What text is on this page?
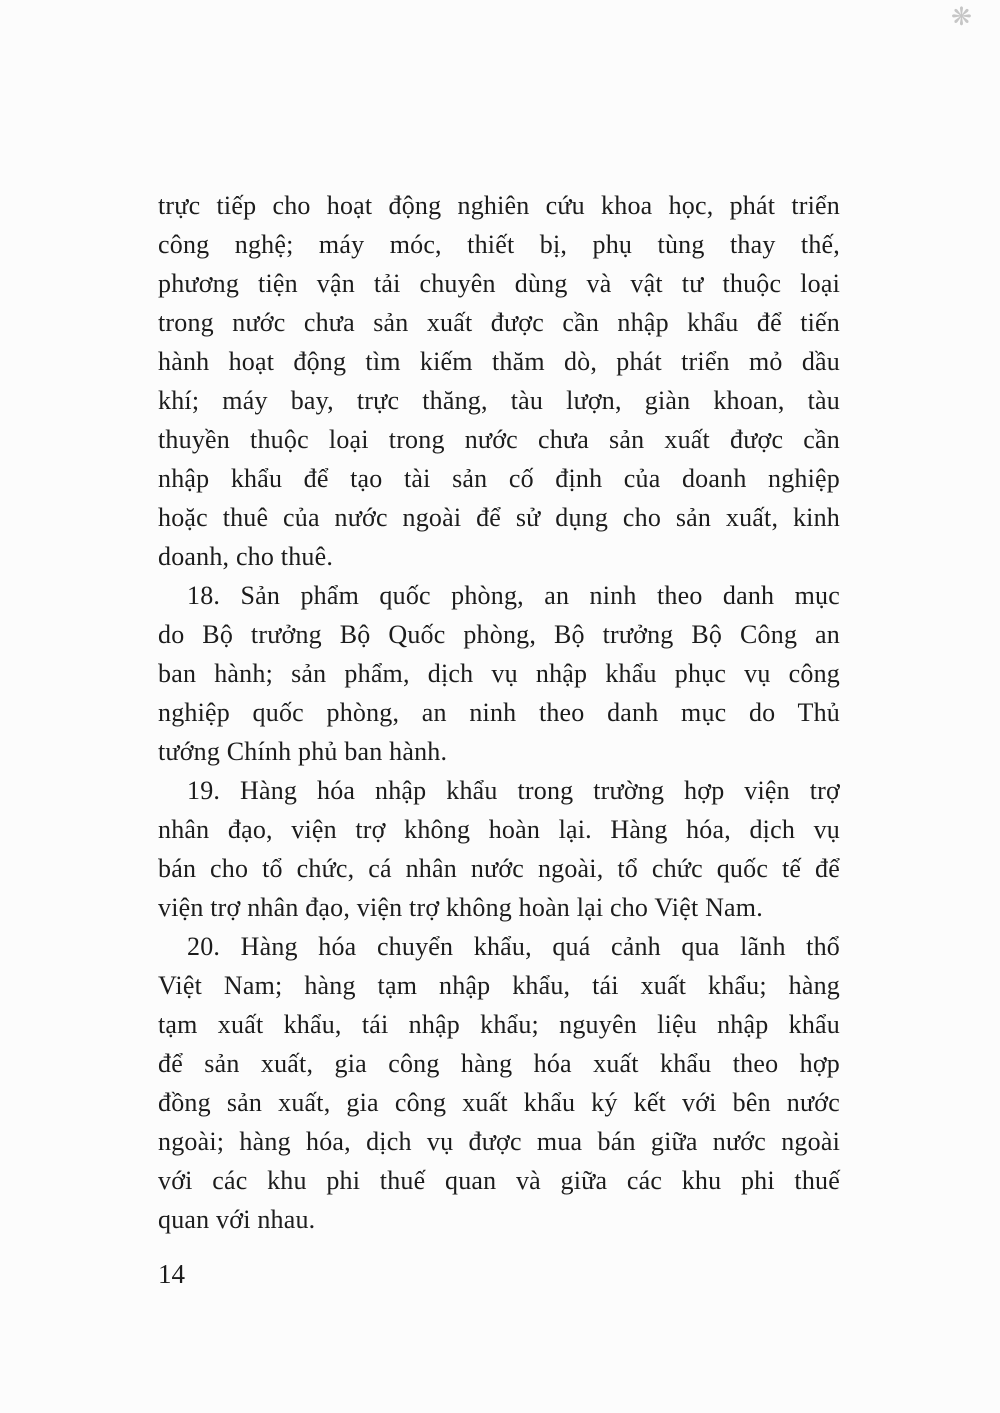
❋
trực tiếp cho hoạt động nghiên cứu khoa học, phát triển
công nghệ; máy móc, thiết bị, phụ tùng thay thế,
phương tiện vận tải chuyên dùng và vật tư thuộc loại
trong nước chưa sản xuất được cần nhập khẩu để tiến
hành hoạt động tìm kiếm thăm dò, phát triển mỏ dầu
khí; máy bay, trực thăng, tàu lượn, giàn khoan, tàu
thuyền thuộc loại trong nước chưa sản xuất được cần
nhập khẩu để tạo tài sản cố định của doanh nghiệp
hoặc thuê của nước ngoài để sử dụng cho sản xuất, kinh
doanh, cho thuê.
18. Sản phẩm quốc phòng, an ninh theo danh mục
do Bộ trưởng Bộ Quốc phòng, Bộ trưởng Bộ Công an
ban hành; sản phẩm, dịch vụ nhập khẩu phục vụ công
nghiệp quốc phòng, an ninh theo danh mục do Thủ
tướng Chính phủ ban hành.
19. Hàng hóa nhập khẩu trong trường hợp viện trợ
nhân đạo, viện trợ không hoàn lại. Hàng hóa, dịch vụ
bán cho tổ chức, cá nhân nước ngoài, tổ chức quốc tế để
viện trợ nhân đạo, viện trợ không hoàn lại cho Việt Nam.
20. Hàng hóa chuyển khẩu, quá cảnh qua lãnh thổ
Việt Nam; hàng tạm nhập khẩu, tái xuất khẩu; hàng
tạm xuất khẩu, tái nhập khẩu; nguyên liệu nhập khẩu
để sản xuất, gia công hàng hóa xuất khẩu theo hợp
đồng sản xuất, gia công xuất khẩu ký kết với bên nước
ngoài; hàng hóa, dịch vụ được mua bán giữa nước ngoài
với các khu phi thuế quan và giữa các khu phi thuế
quan với nhau.
14
